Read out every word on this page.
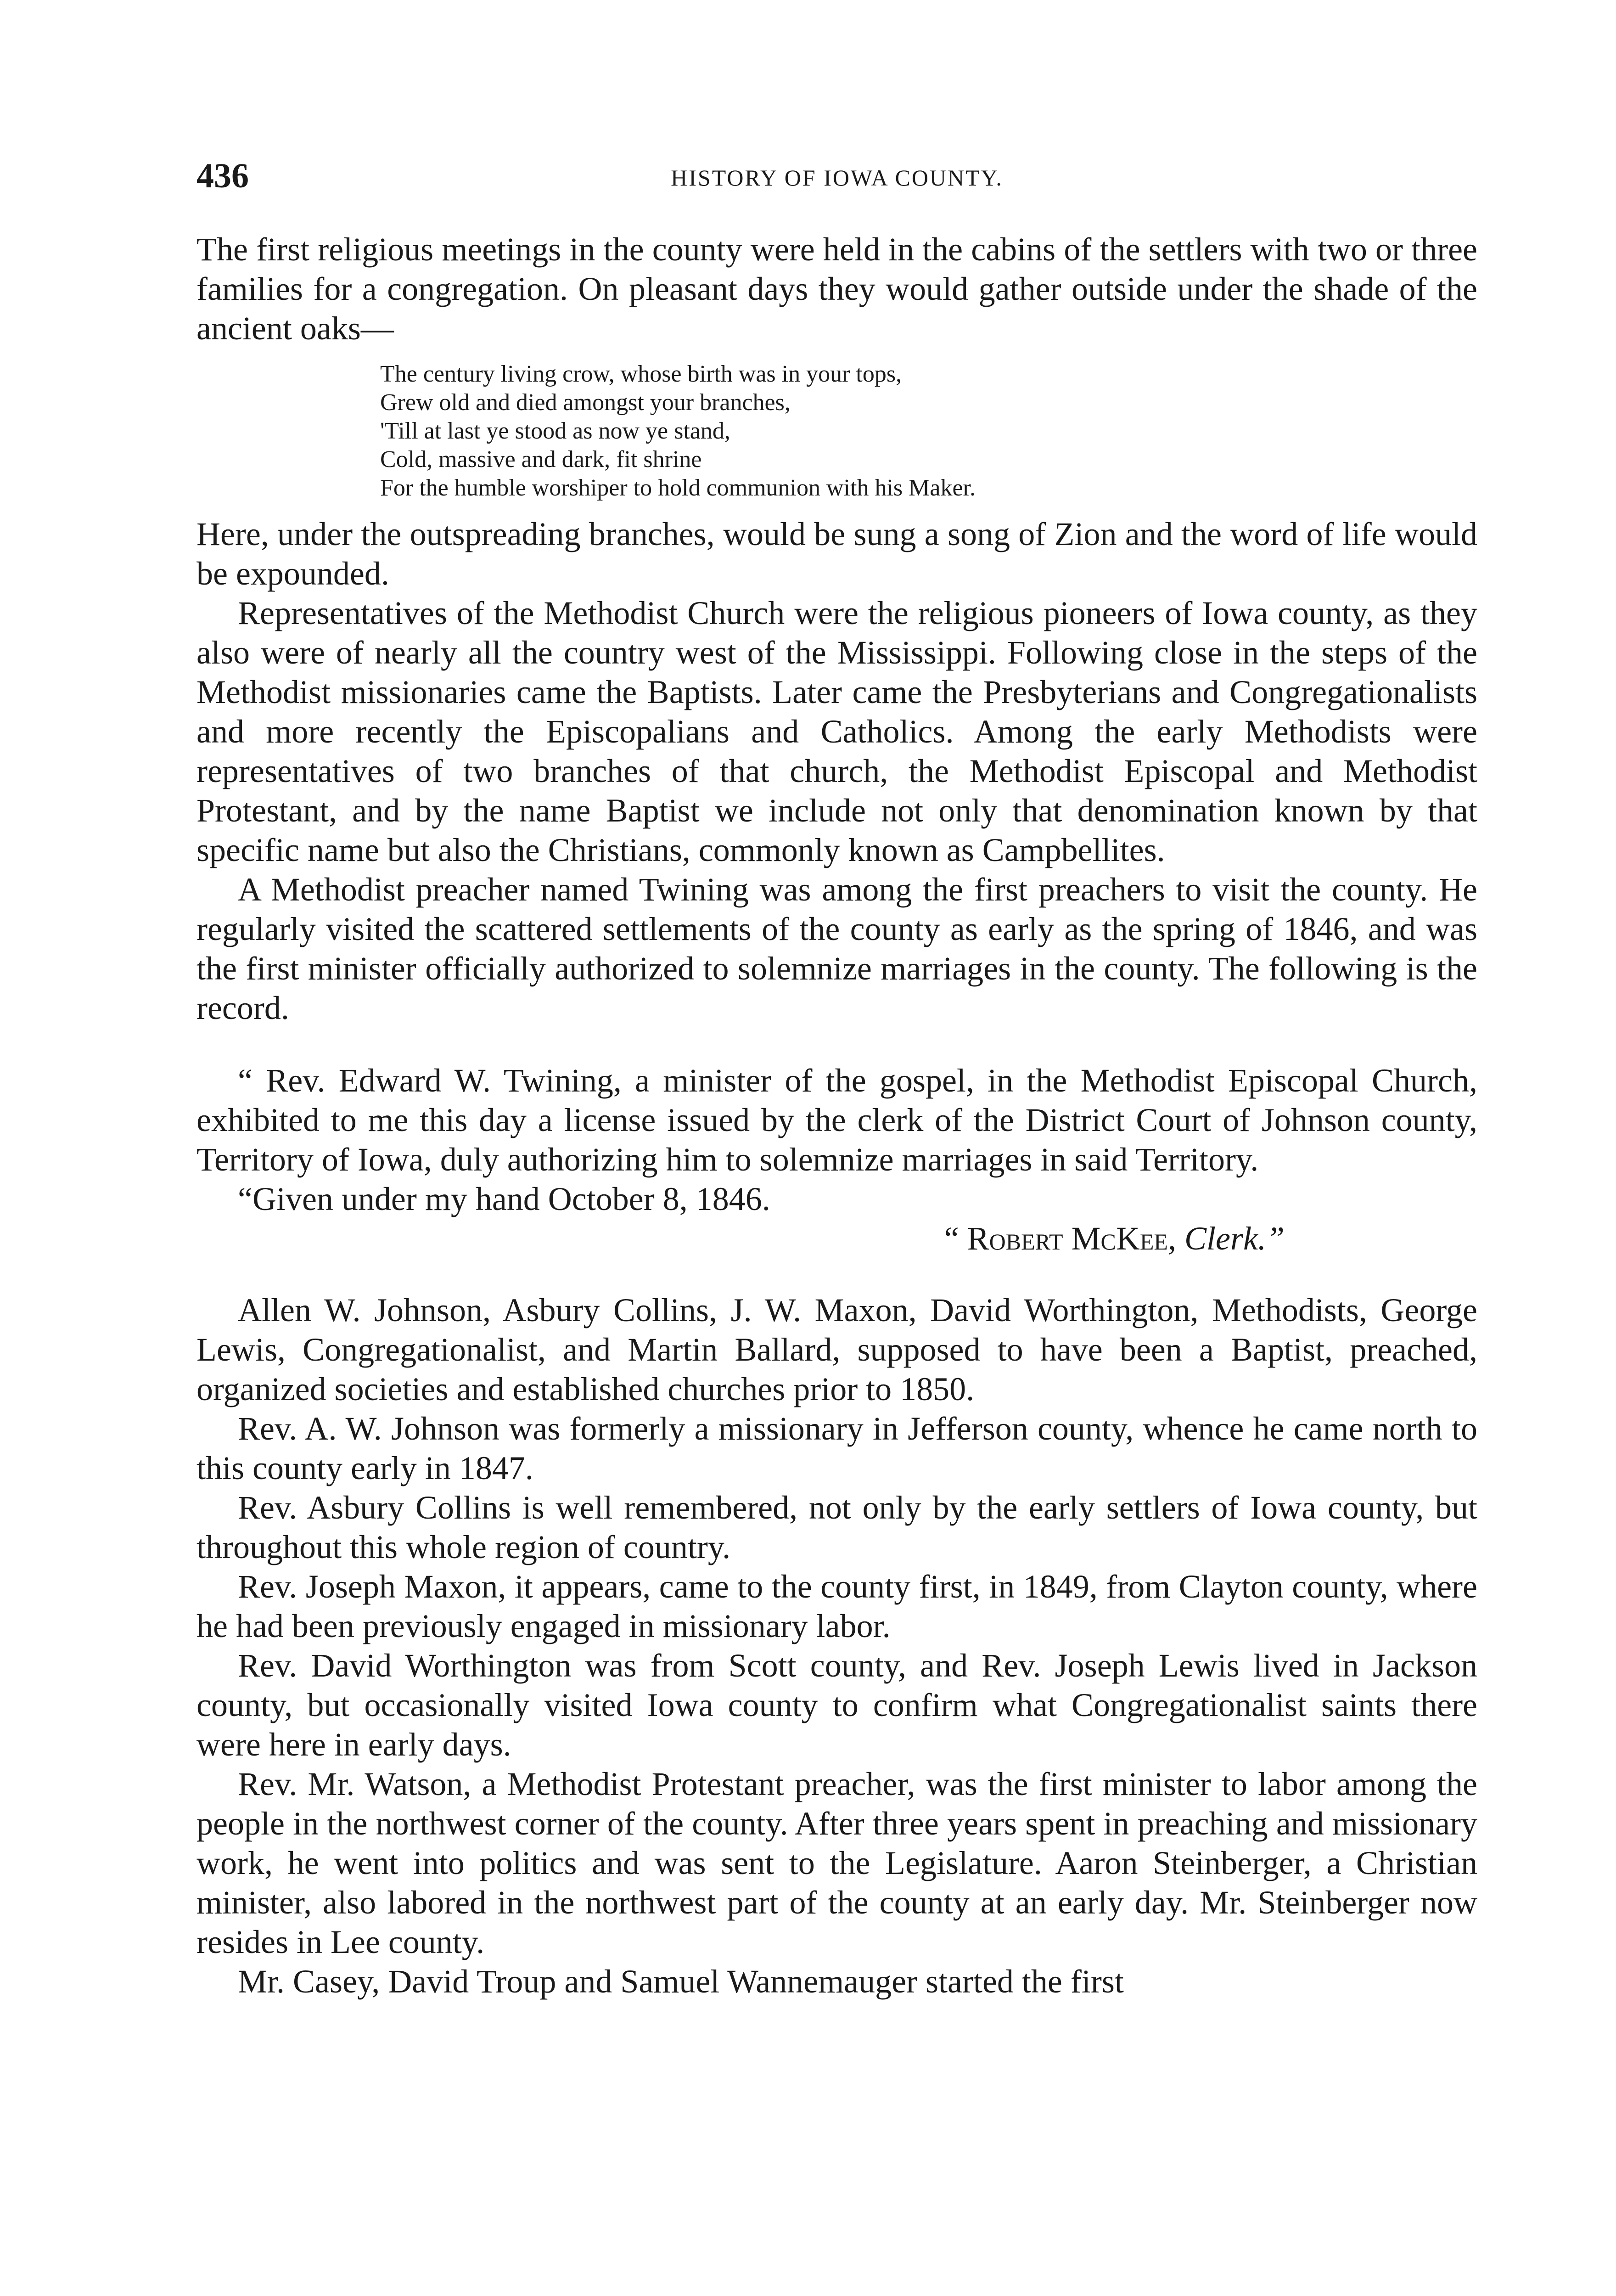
436	HISTORY OF IOWA COUNTY.

The first religious meetings in the county were held in the cabins of the settlers with two or three families for a congregation. On pleasant days they would gather outside under the shade of the ancient oaks—

The century living crow, whose birth was in your tops,
Grew old and died amongst your branches,
'Till at last ye stood as now ye stand,
Cold, massive and dark, fit shrine
For the humble worshiper to hold communion with his Maker.

Here, under the outspreading branches, would be sung a song of Zion and the word of life would be expounded.

Representatives of the Methodist Church were the religious pioneers of Iowa county, as they also were of nearly all the country west of the Mississippi. Following close in the steps of the Methodist missionaries came the Baptists. Later came the Presbyterians and Congregationalists and more recently the Episcopalians and Catholics. Among the early Methodists were representatives of two branches of that church, the Methodist Episcopal and Methodist Protestant, and by the name Baptist we include not only that denomination known by that specific name but also the Christians, commonly known as Campbellites.

A Methodist preacher named Twining was among the first preachers to visit the county. He regularly visited the scattered settlements of the county as early as the spring of 1846, and was the first minister officially authorized to solemnize marriages in the county. The following is the record.

“ Rev. Edward W. Twining, a minister of the gospel, in the Methodist Episcopal Church, exhibited to me this day a license issued by the clerk of the District Court of Johnson county, Territory of Iowa, duly authorizing him to solemnize marriages in said Territory.

“Given under my hand October 8, 1846.

“ Robert McKee, Clerk.”

Allen W. Johnson, Asbury Collins, J. W. Maxon, David Worthington, Methodists, George Lewis, Congregationalist, and Martin Ballard, supposed to have been a Baptist, preached, organized societies and established churches prior to 1850.

Rev. A. W. Johnson was formerly a missionary in Jefferson county, whence he came north to this county early in 1847.

Rev. Asbury Collins is well remembered, not only by the early settlers of Iowa county, but throughout this whole region of country.

Rev. Joseph Maxon, it appears, came to the county first, in 1849, from Clayton county, where he had been previously engaged in missionary labor.

Rev. David Worthington was from Scott county, and Rev. Joseph Lewis lived in Jackson county, but occasionally visited Iowa county to confirm what Congregationalist saints there were here in early days.

Rev. Mr. Watson, a Methodist Protestant preacher, was the first minister to labor among the people in the northwest corner of the county. After three years spent in preaching and missionary work, he went into politics and was sent to the Legislature. Aaron Steinberger, a Christian minister, also labored in the northwest part of the county at an early day. Mr. Steinberger now resides in Lee county.

Mr. Casey, David Troup and Samuel Wannemauger started the first
